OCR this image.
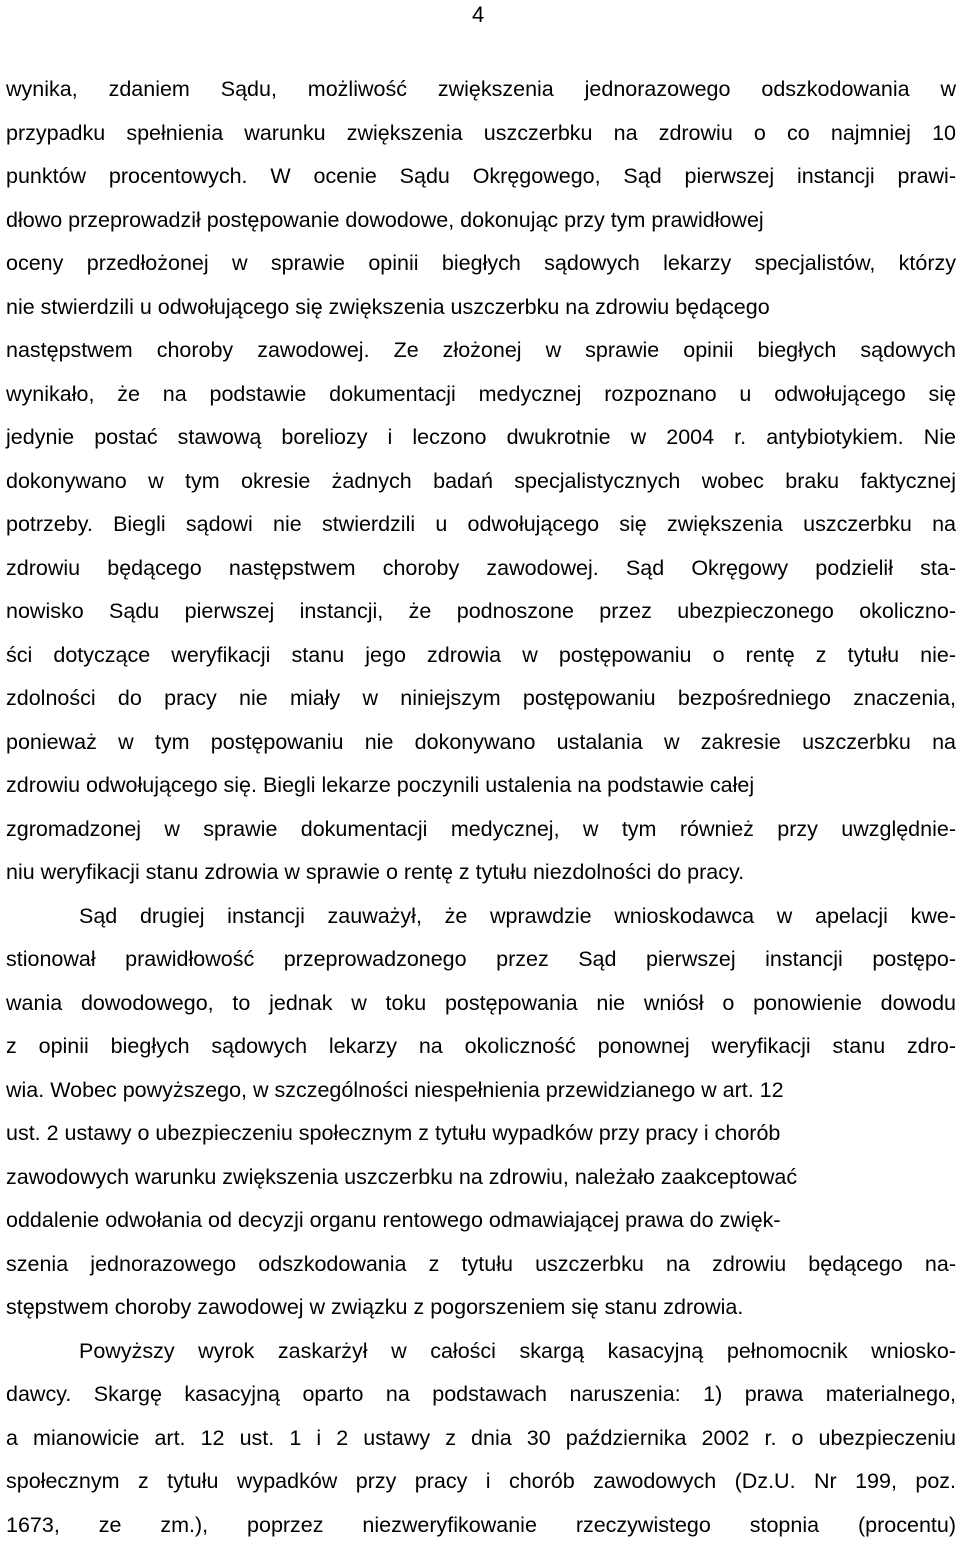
4
wynika, zdaniem Sądu, możliwość zwiększenia jednorazowego odszkodowania w
przypadku spełnienia warunku zwiększenia uszczerbku na zdrowiu o co najmniej 10
punktów procentowych. W ocenie Sądu Okręgowego, Sąd pierwszej instancji prawi-
dłowo przeprowadził postępowanie dowodowe, dokonując przy tym prawidłowej
oceny przedłożonej w sprawie opinii biegłych sądowych lekarzy specjalistów, którzy
nie stwierdzili u odwołującego się zwiększenia uszczerbku na zdrowiu będącego
następstwem choroby zawodowej. Ze złożonej w sprawie opinii biegłych sądowych
wynikało, że na podstawie dokumentacji medycznej rozpoznano u odwołującego się
jedynie postać stawową boreliozy i leczono dwukrotnie w 2004 r. antybiotykiem. Nie
dokonywano w tym okresie żadnych badań specjalistycznych wobec braku faktycznej
potrzeby. Biegli sądowi nie stwierdzili u odwołującego się zwiększenia uszczerbku na
zdrowiu będącego następstwem choroby zawodowej. Sąd Okręgowy podzielił sta-
nowisko Sądu pierwszej instancji, że podnoszone przez ubezpieczonego okoliczno-
ści dotyczące weryfikacji stanu jego zdrowia w postępowaniu o rentę z tytułu nie-
zdolności do pracy nie miały w niniejszym postępowaniu bezpośredniego znaczenia,
ponieważ w tym postępowaniu nie dokonywano ustalania w zakresie uszczerbku na
zdrowiu odwołującego się. Biegli lekarze poczynili ustalenia na podstawie całej
zgromadzonej w sprawie dokumentacji medycznej, w tym również przy uwzględnie-
niu weryfikacji stanu zdrowia w sprawie o rentę z tytułu niezdolności do pracy.
Sąd drugiej instancji zauważył, że wprawdzie wnioskodawca w apelacji kwe-
stionował prawidłowość przeprowadzonego przez Sąd pierwszej instancji postępo-
wania dowodowego, to jednak w toku postępowania nie wniósł o ponowienie dowodu
z opinii biegłych sądowych lekarzy na okoliczność ponownej weryfikacji stanu zdro-
wia. Wobec powyższego, w szczególności niespełnienia przewidzianego w art. 12
ust. 2 ustawy o ubezpieczeniu społecznym z tytułu wypadków przy pracy i chorób
zawodowych warunku zwiększenia uszczerbku na zdrowiu, należało zaakceptować
oddalenie odwołania od decyzji organu rentowego odmawiającej prawa do zwięk-
szenia jednorazowego odszkodowania z tytułu uszczerbku na zdrowiu będącego na-
stępstwem choroby zawodowej w związku z pogorszeniem się stanu zdrowia.
Powyższy wyrok zaskarżył w całości skargą kasacyjną pełnomocnik wniosko-
dawcy. Skargę kasacyjną oparto na podstawach naruszenia: 1) prawa materialnego,
a mianowicie art. 12 ust. 1 i 2 ustawy z dnia 30 października 2002 r. o ubezpieczeniu
społecznym z tytułu wypadków przy pracy i chorób zawodowych (Dz.U. Nr 199, poz.
1673, ze zm.), poprzez niezweryfikowanie rzeczywistego stopnia (procentu)
